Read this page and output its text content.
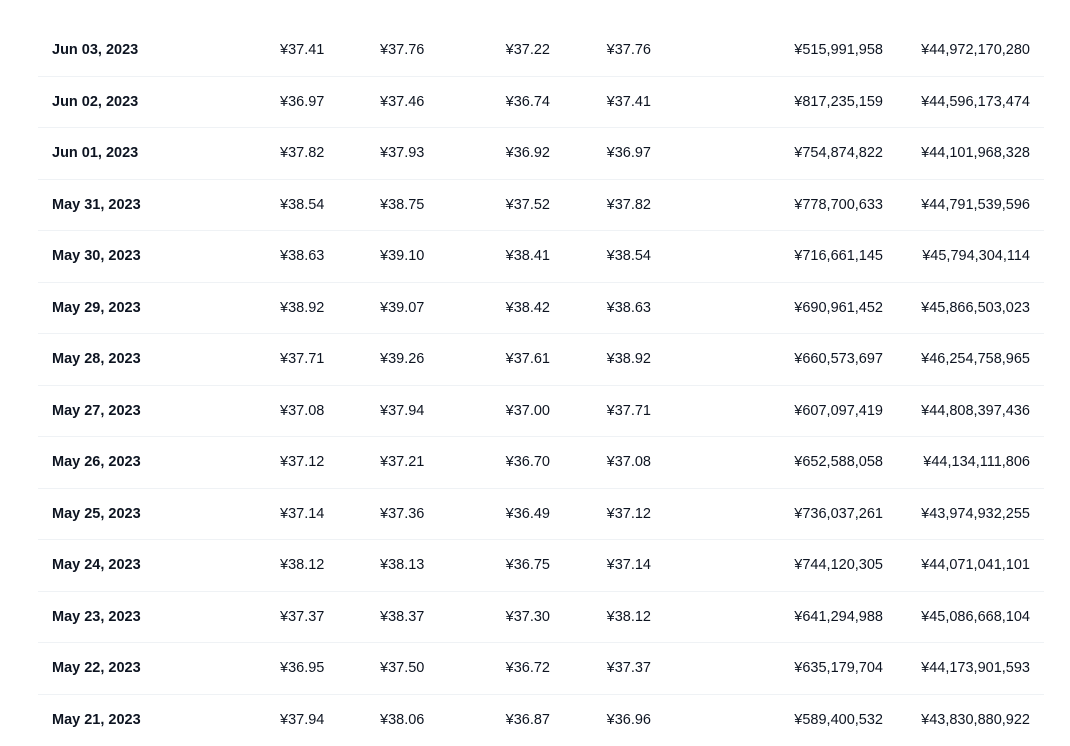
Jun 03, 2023	¥37.41	¥37.76	¥37.22	¥37.76	¥515,991,958	¥44,972,170,280
Jun 02, 2023	¥36.97	¥37.46	¥36.74	¥37.41	¥817,235,159	¥44,596,173,474
Jun 01, 2023	¥37.82	¥37.93	¥36.92	¥36.97	¥754,874,822	¥44,101,968,328
May 31, 2023	¥38.54	¥38.75	¥37.52	¥37.82	¥778,700,633	¥44,791,539,596
May 30, 2023	¥38.63	¥39.10	¥38.41	¥38.54	¥716,661,145	¥45,794,304,114
May 29, 2023	¥38.92	¥39.07	¥38.42	¥38.63	¥690,961,452	¥45,866,503,023
May 28, 2023	¥37.71	¥39.26	¥37.61	¥38.92	¥660,573,697	¥46,254,758,965
May 27, 2023	¥37.08	¥37.94	¥37.00	¥37.71	¥607,097,419	¥44,808,397,436
May 26, 2023	¥37.12	¥37.21	¥36.70	¥37.08	¥652,588,058	¥44,134,111,806
May 25, 2023	¥37.14	¥37.36	¥36.49	¥37.12	¥736,037,261	¥43,974,932,255
May 24, 2023	¥38.12	¥38.13	¥36.75	¥37.14	¥744,120,305	¥44,071,041,101
May 23, 2023	¥37.37	¥38.37	¥37.30	¥38.12	¥641,294,988	¥45,086,668,104
May 22, 2023	¥36.95	¥37.50	¥36.72	¥37.37	¥635,179,704	¥44,173,901,593
May 21, 2023	¥37.94	¥38.06	¥36.87	¥36.96	¥589,400,532	¥43,830,880,922
